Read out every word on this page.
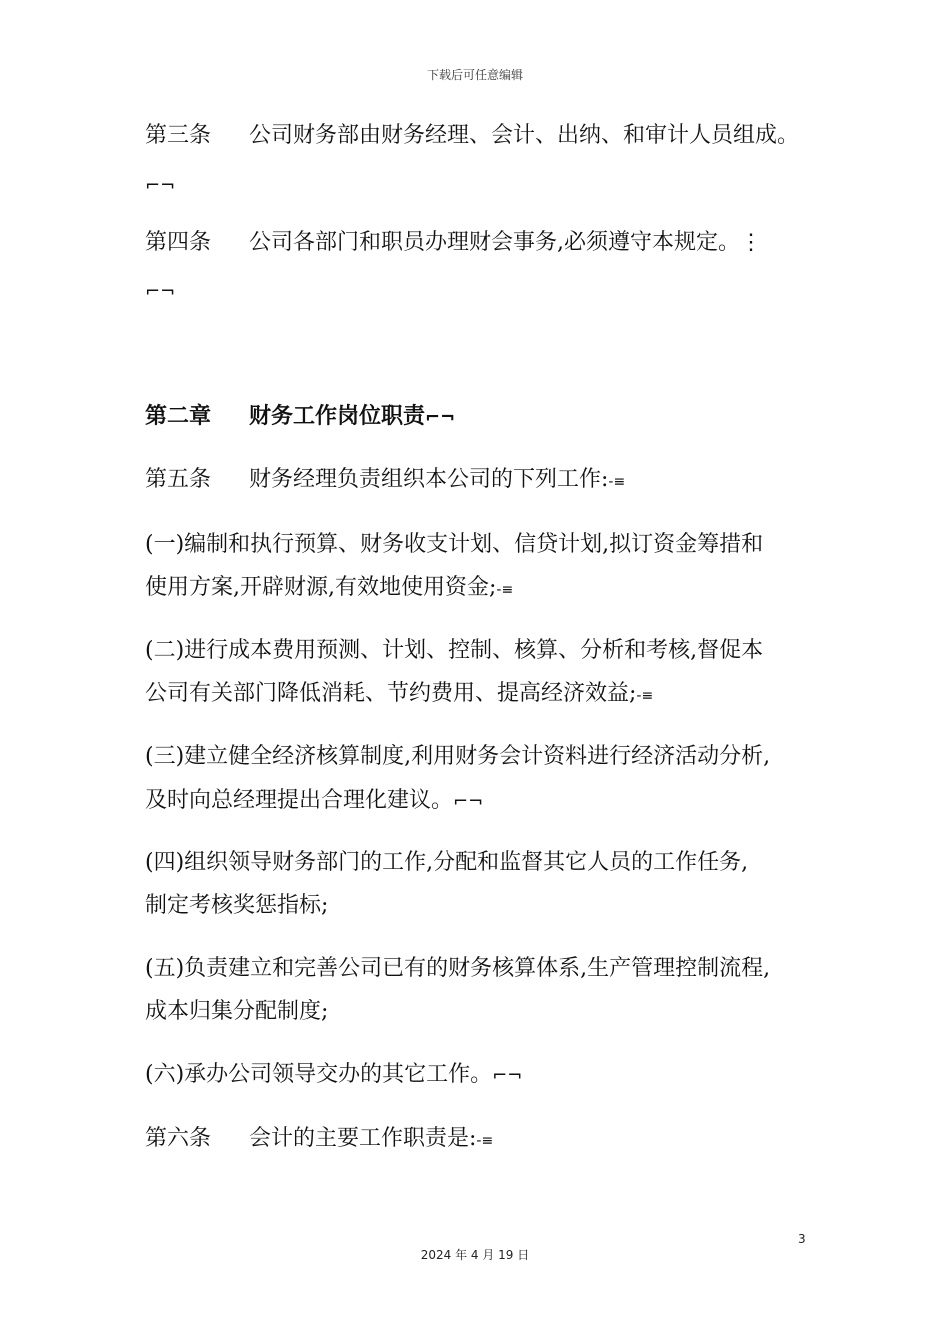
下载后可任意编辑
第三条 公司财务部由财务经理、会计、出纳、和审计人员组成。
⌐¬
第四条 公司各部门和职员办理财会事务,必须遵守本规定。⋮
⌐¬
第二章 财务工作岗位职责⌐¬
第五条 财务经理负责组织本公司的下列工作:-≡
(一)编制和执行预算、财务收支计划、信贷计划,拟订资金筹措和
使用方案,开辟财源,有效地使用资金;-≡
(二)进行成本费用预测、计划、控制、核算、分析和考核,督促本
公司有关部门降低消耗、节约费用、提高经济效益;-≡
(三)建立健全经济核算制度,利用财务会计资料进行经济活动分析,
及时向总经理提出合理化建议。⌐¬
(四)组织领导财务部门的工作,分配和监督其它人员的工作任务,
制定考核奖惩指标;
(五)负责建立和完善公司已有的财务核算体系,生产管理控制流程,
成本归集分配制度;
(六)承办公司领导交办的其它工作。⌐¬
第六条 会计的主要工作职责是:-≡
3
2024 年 4 月 19 日
